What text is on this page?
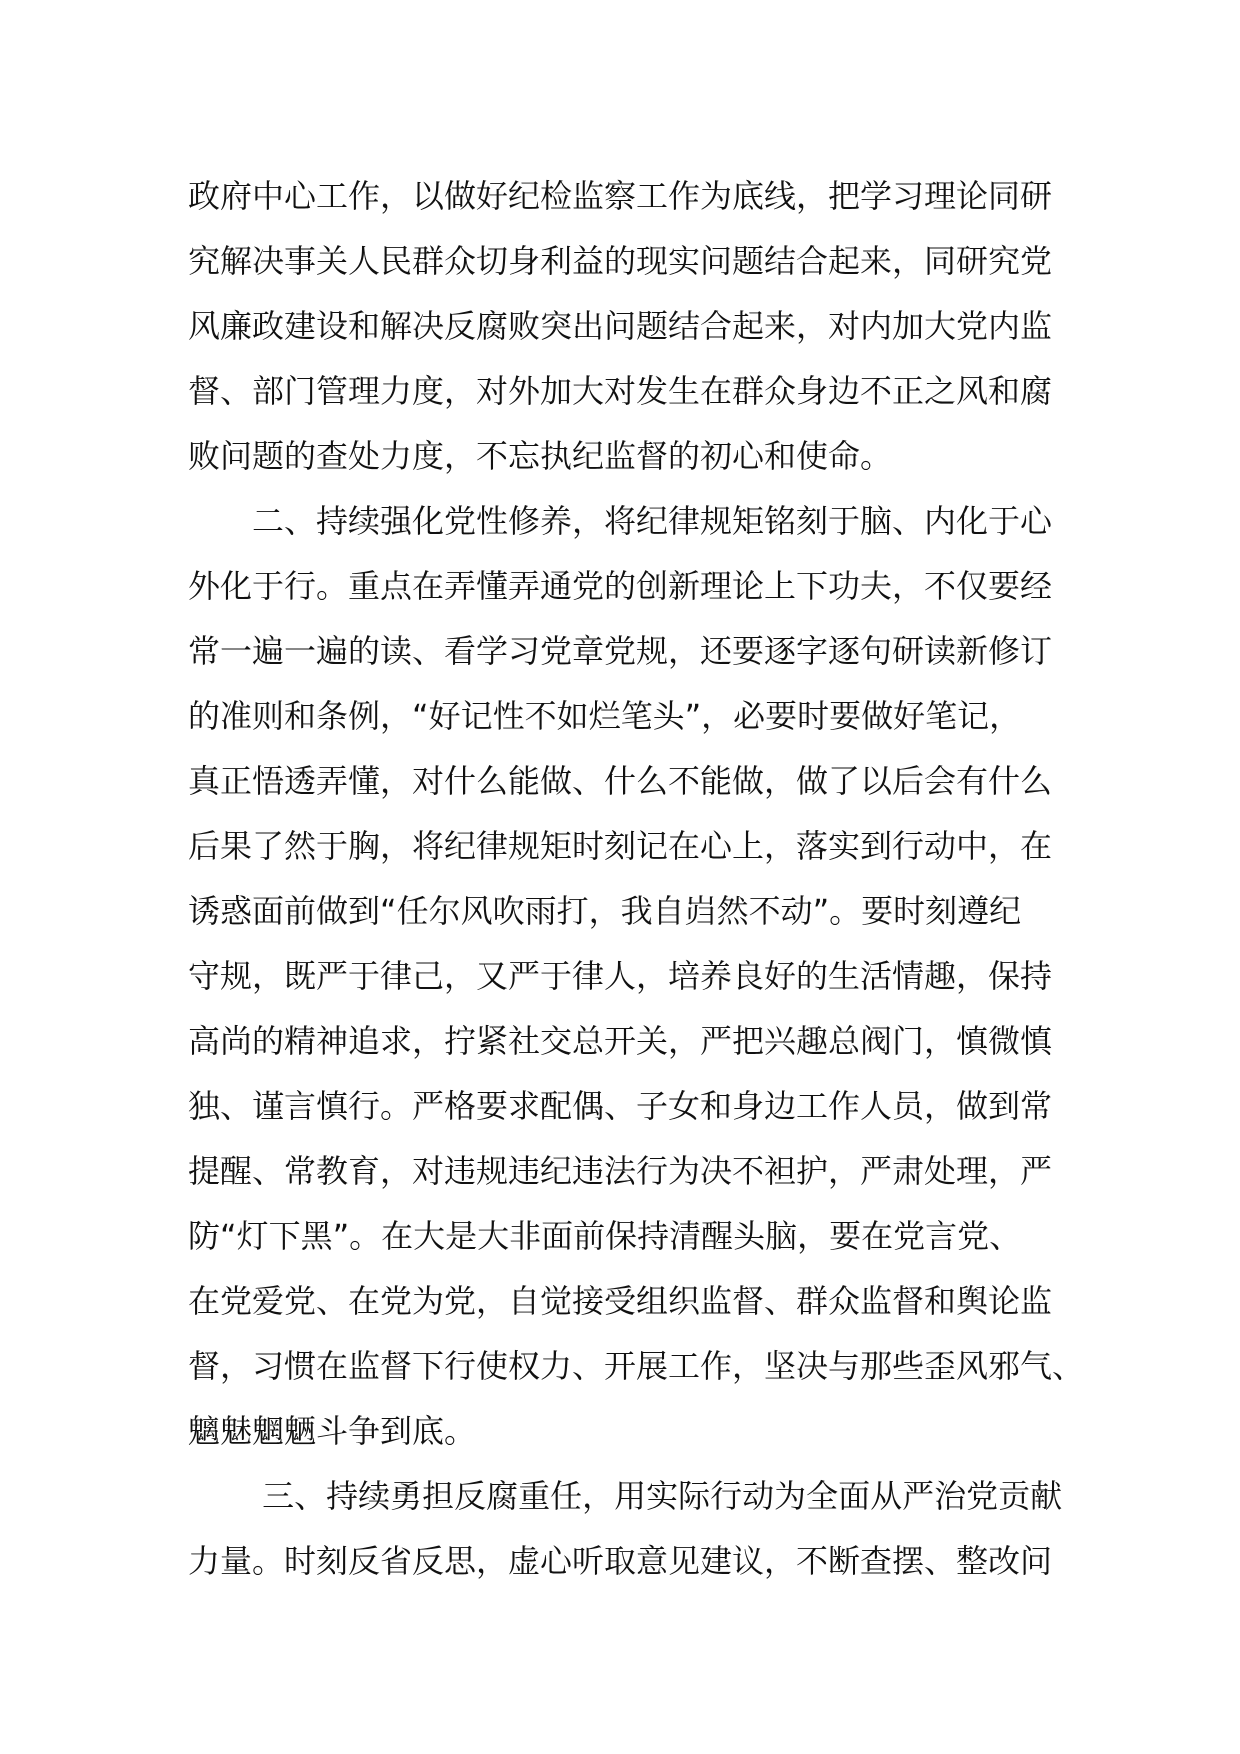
政府中心工作，以做好纪检监察工作为底线，把学习理论同研
究解决事关人民群众切身利益的现实问题结合起来，同研究党
风廉政建设和解决反腐败突出问题结合起来，对内加大党内监
督、部门管理力度，对外加大对发生在群众身边不正之风和腐
败问题的查处力度，不忘执纪监督的初心和使命。
　　二、持续强化党性修养，将纪律规矩铭刻于脑、内化于心
外化于行。重点在弄懂弄通党的创新理论上下功夫，不仅要经
常一遍一遍的读、看学习党章党规，还要逐字逐句研读新修订
的准则和条例，“好记性不如烂笔头”，必要时要做好笔记，
真正悟透弄懂，对什么能做、什么不能做，做了以后会有什么
后果了然于胸，将纪律规矩时刻记在心上，落实到行动中，在
诱惑面前做到“任尔风吹雨打，我自岿然不动”。要时刻遵纪
守规，既严于律己，又严于律人，培养良好的生活情趣，保持
高尚的精神追求，拧紧社交总开关，严把兴趣总阀门，慎微慎
独、谨言慎行。严格要求配偶、子女和身边工作人员，做到常
提醒、常教育，对违规违纪违法行为决不袒护，严肃处理，严
防“灯下黑”。在大是大非面前保持清醒头脑，要在党言党、
在党爱党、在党为党，自觉接受组织监督、群众监督和舆论监
督，习惯在监督下行使权力、开展工作，坚决与那些歪风邪气、
魑魅魍魉斗争到底。
　　 三、持续勇担反腐重任，用实际行动为全面从严治党贡献
力量。时刻反省反思，虚心听取意见建议，不断查摆、整改问
